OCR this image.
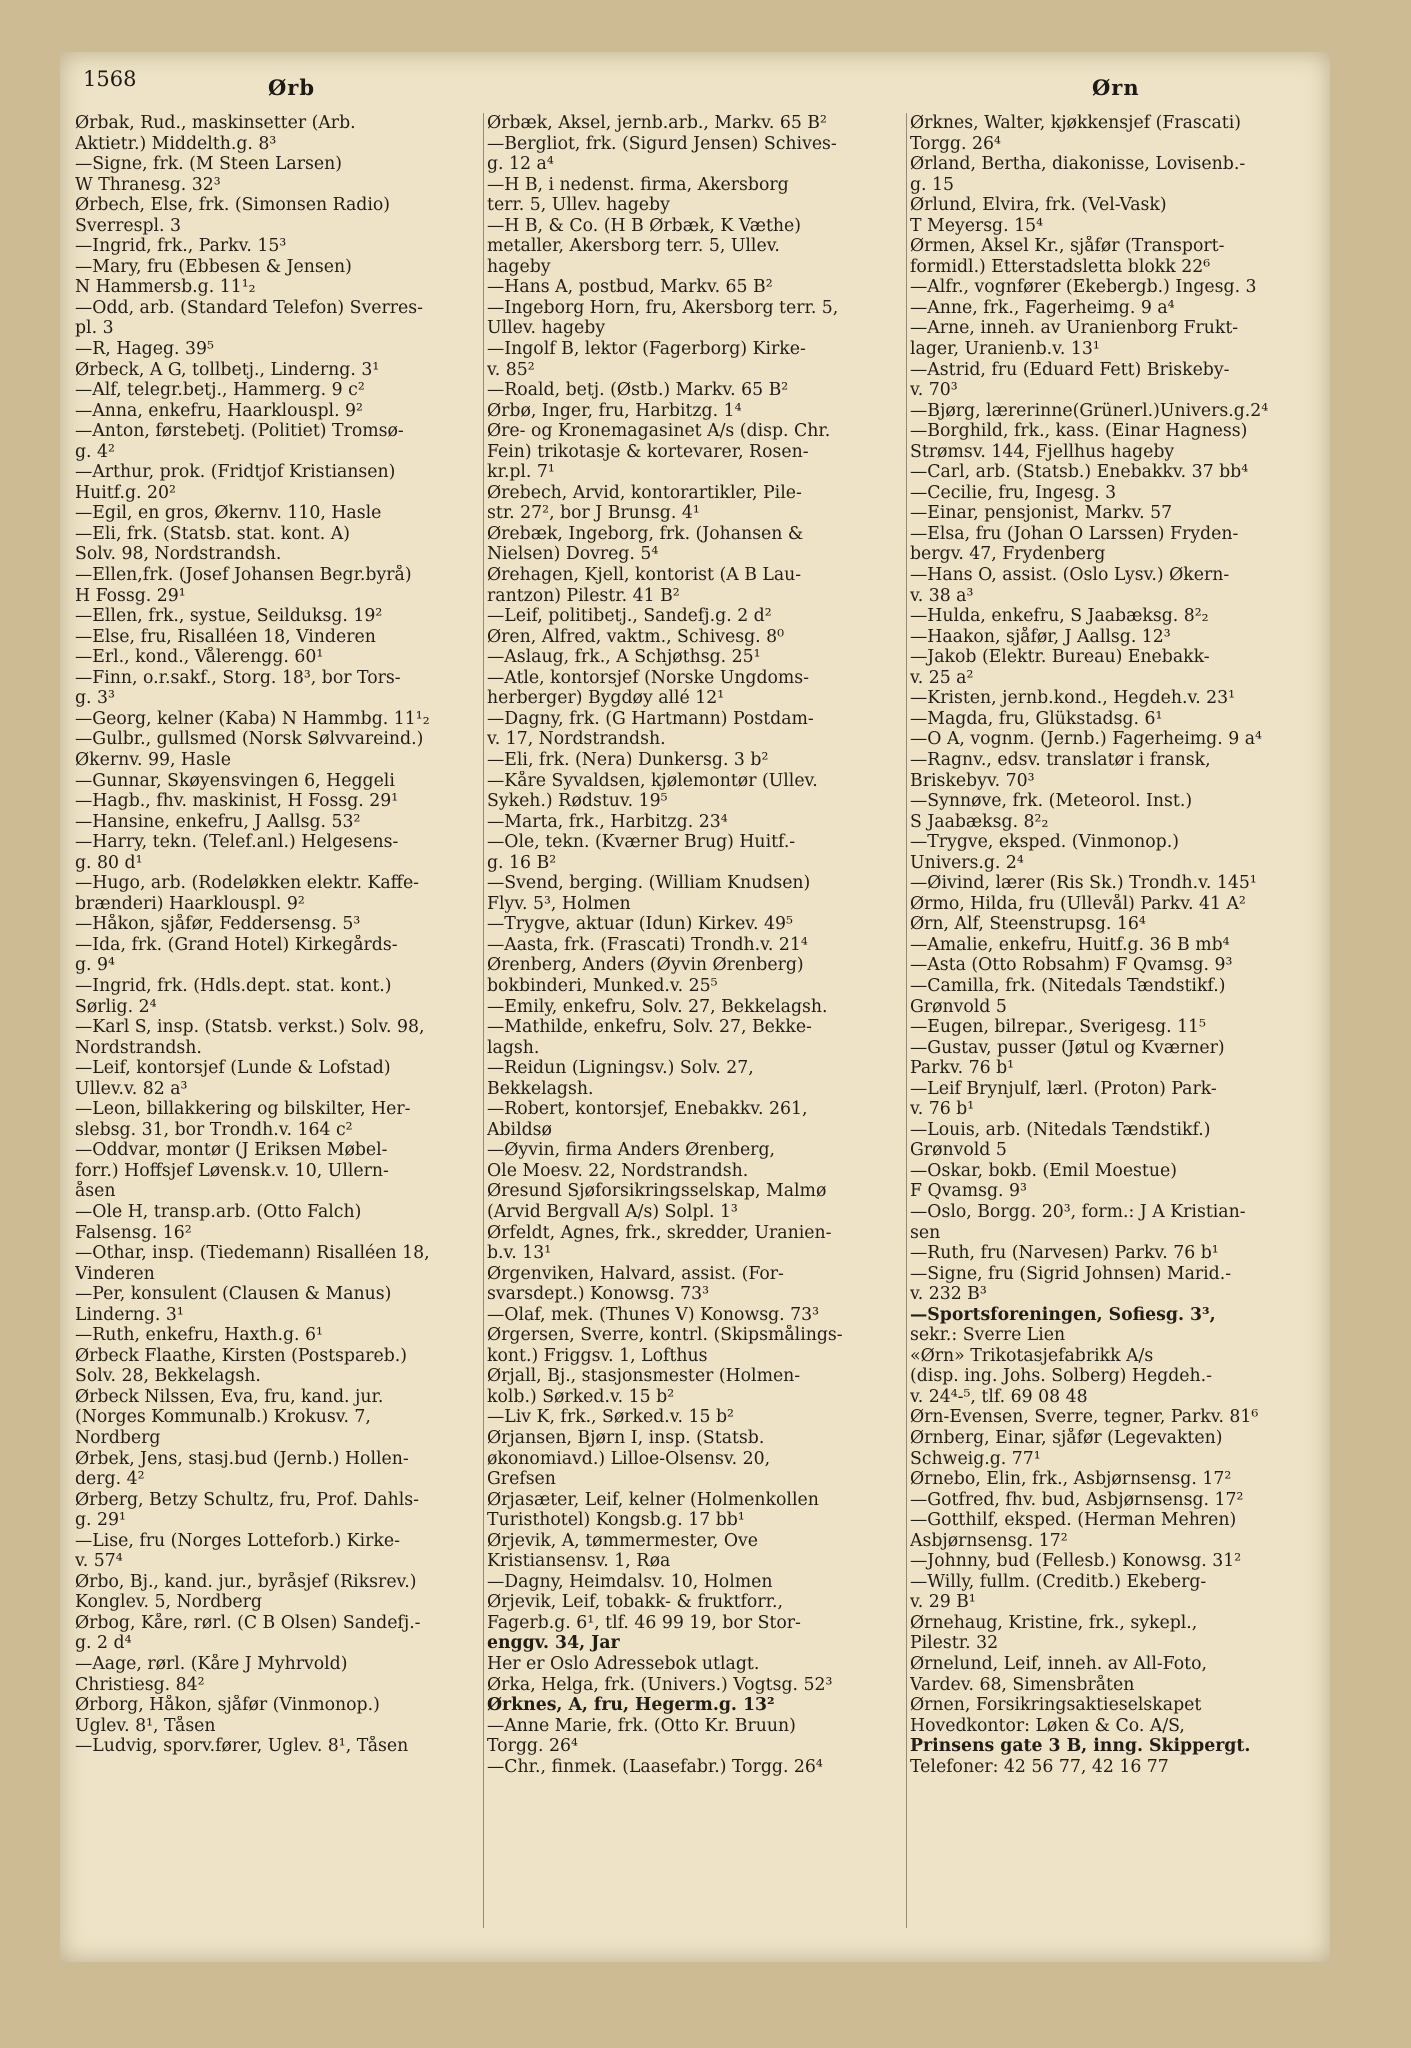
1568	Ørb	Ørn
Ørbak, Rud., maskinsetter (Arb.
Aktietr.) Middelth.g. 8³
—Signe, frk. (M Steen Larsen)
W Thranesg. 32³
Ørbech, Else, frk. (Simonsen Radio)
Sverrespl. 3
—Ingrid, frk., Parkv. 15³
—Mary, fru (Ebbesen & Jensen)
N Hammersb.g. 11¹₂
—Odd, arb. (Standard Telefon) Sverres-
pl. 3
—R, Hageg. 39⁵
Ørbeck, A G, tollbetj., Linderng. 3¹
—Alf, telegr.betj., Hammerg. 9 c²
—Anna, enkefru, Haarklouspl. 9²
—Anton, førstebetj. (Politiet) Tromsø-
g. 4²
—Arthur, prok. (Fridtjof Kristiansen)
Huitf.g. 20²
—Egil, en gros, Økernv. 110, Hasle
—Eli, frk. (Statsb. stat. kont. A)
Solv. 98, Nordstrandsh.
—Ellen,frk. (Josef Johansen Begr.byrå)
H Fossg. 29¹
—Ellen, frk., systue, Seilduksg. 19²
—Else, fru, Risalléen 18, Vinderen
—Erl., kond., Vålerengg. 60¹
—Finn, o.r.sakf., Storg. 18³, bor Tors-
g. 3³
—Georg, kelner (Kaba) N Hammbg. 11¹₂
—Gulbr., gullsmed (Norsk Sølvvareind.)
Økernv. 99, Hasle
—Gunnar, Skøyensvingen 6, Heggeli
—Hagb., fhv. maskinist, H Fossg. 29¹
—Hansine, enkefru, J Aallsg. 53²
—Harry, tekn. (Telef.anl.) Helgesens-
g. 80 d¹
—Hugo, arb. (Rodeløkken elektr. Kaffe-
brænderi) Haarklouspl. 9²
—Håkon, sjåfør, Feddersensg. 5³
—Ida, frk. (Grand Hotel) Kirkegårds-
g. 9⁴
—Ingrid, frk. (Hdls.dept. stat. kont.)
Sørlig. 2⁴
—Karl S, insp. (Statsb. verkst.) Solv. 98,
Nordstrandsh.
—Leif, kontorsjef (Lunde & Lofstad)
Ullev.v. 82 a³
—Leon, billakkering og bilskilter, Her-
slebsg. 31, bor Trondh.v. 164 c²
—Oddvar, montør (J Eriksen Møbel-
forr.) Hoffsjef Løvensk.v. 10, Ullern-
åsen
—Ole H, transp.arb. (Otto Falch)
Falsensg. 16²
—Othar, insp. (Tiedemann) Risalléen 18,
Vinderen
—Per, konsulent (Clausen & Manus)
Linderng. 3¹
—Ruth, enkefru, Haxth.g. 6¹
Ørbeck Flaathe, Kirsten (Postspareb.)
Solv. 28, Bekkelagsh.
Ørbeck Nilssen, Eva, fru, kand. jur.
(Norges Kommunalb.) Krokusv. 7,
Nordberg
Ørbek, Jens, stasj.bud (Jernb.) Hollen-
derg. 4²
Ørberg, Betzy Schultz, fru, Prof. Dahls-
g. 29¹
—Lise, fru (Norges Lotteforb.) Kirke-
v. 57⁴
Ørbo, Bj., kand. jur., byråsjef (Riksrev.)
Konglev. 5, Nordberg
Ørbog, Kåre, rørl. (C B Olsen) Sandefj.-
g. 2 d⁴
—Aage, rørl. (Kåre J Myhrvold)
Christiesg. 84²
Ørborg, Håkon, sjåfør (Vinmonop.)
Uglev. 8¹, Tåsen
—Ludvig, sporv.fører, Uglev. 8¹, Tåsen
Ørbæk, Aksel, jernb.arb., Markv. 65 B²
—Bergliot, frk. (Sigurd Jensen) Schives-
g. 12 a⁴
—H B, i nedenst. firma, Akersborg
terr. 5, Ullev. hageby
—H B, & Co. (H B Ørbæk, K Væthe)
metaller, Akersborg terr. 5, Ullev.
hageby
—Hans A, postbud, Markv. 65 B²
—Ingeborg Horn, fru, Akersborg terr. 5,
Ullev. hageby
—Ingolf B, lektor (Fagerborg) Kirke-
v. 85²
—Roald, betj. (Østb.) Markv. 65 B²
Ørbø, Inger, fru, Harbitzg. 1⁴
Øre- og Kronemagasinet A/s (disp. Chr.
Fein) trikotasje & kortevarer, Rosen-
kr.pl. 7¹
Ørebech, Arvid, kontorartikler, Pile-
str. 27², bor J Brunsg. 4¹
Ørebæk, Ingeborg, frk. (Johansen &
Nielsen) Dovreg. 5⁴
Ørehagen, Kjell, kontorist (A B Lau-
rantzon) Pilestr. 41 B²
—Leif, politibetj., Sandefj.g. 2 d²
Øren, Alfred, vaktm., Schivesg. 8⁰
—Aslaug, frk., A Schjøthsg. 25¹
—Atle, kontorsjef (Norske Ungdoms-
herberger) Bygdøy allé 12¹
—Dagny, frk. (G Hartmann) Postdam-
v. 17, Nordstrandsh.
—Eli, frk. (Nera) Dunkersg. 3 b²
—Kåre Syvaldsen, kjølemontør (Ullev.
Sykeh.) Rødstuv. 19⁵
—Marta, frk., Harbitzg. 23⁴
—Ole, tekn. (Kværner Brug) Huitf.-
g. 16 B²
—Svend, berging. (William Knudsen)
Flyv. 5³, Holmen
—Trygve, aktuar (Idun) Kirkev. 49⁵
—Aasta, frk. (Frascati) Trondh.v. 21⁴
Ørenberg, Anders (Øyvin Ørenberg)
bokbinderi, Munked.v. 25⁵
—Emily, enkefru, Solv. 27, Bekkelagsh.
—Mathilde, enkefru, Solv. 27, Bekke-
lagsh.
—Reidun (Ligningsv.) Solv. 27,
Bekkelagsh.
—Robert, kontorsjef, Enebakkv. 261,
Abildsø
—Øyvin, firma Anders Ørenberg,
Ole Moesv. 22, Nordstrandsh.
Øresund Sjøforsikringsselskap, Malmø
(Arvid Bergvall A/s) Solpl. 1³
Ørfeldt, Agnes, frk., skredder, Uranien-
b.v. 13¹
Ørgenviken, Halvard, assist. (For-
svarsdept.) Konowsg. 73³
—Olaf, mek. (Thunes V) Konowsg. 73³
Ørgersen, Sverre, kontrl. (Skipsmålings-
kont.) Friggsv. 1, Lofthus
Ørjall, Bj., stasjonsmester (Holmen-
kolb.) Sørked.v. 15 b²
—Liv K, frk., Sørked.v. 15 b²
Ørjansen, Bjørn I, insp. (Statsb.
økonomiavd.) Lilloe-Olsensv. 20,
Grefsen
Ørjasæter, Leif, kelner (Holmenkollen
Turisthotel) Kongsb.g. 17 bb¹
Ørjevik, A, tømmermester, Ove
Kristiansensv. 1, Røa
—Dagny, Heimdalsv. 10, Holmen
Ørjevik, Leif, tobakk- & fruktforr.,
Fagerb.g. 6¹, tlf. 46 99 19, bor Stor-
enggv. 34, Jar
Her er Oslo Adressebok utlagt.
Ørka, Helga, frk. (Univers.) Vogtsg. 52³
Ørknes, A, fru, Hegerm.g. 13²
—Anne Marie, frk. (Otto Kr. Bruun)
Torgg. 26⁴
—Chr., finmek. (Laasefabr.) Torgg. 26⁴
Ørknes, Walter, kjøkkensjef (Frascati)
Torgg. 26⁴
Ørland, Bertha, diakonisse, Lovisenb.-
g. 15
Ørlund, Elvira, frk. (Vel-Vask)
T Meyersg. 15⁴
Ørmen, Aksel Kr., sjåfør (Transport-
formidl.) Etterstadsletta blokk 22⁶
—Alfr., vognfører (Ekebergb.) Ingesg. 3
—Anne, frk., Fagerheimg. 9 a⁴
—Arne, inneh. av Uranienborg Frukt-
lager, Uranienb.v. 13¹
—Astrid, fru (Eduard Fett) Briskeby-
v. 70³
—Bjørg, lærerinne(Grünerl.)Univers.g.2⁴
—Borghild, frk., kass. (Einar Hagness)
Strømsv. 144, Fjellhus hageby
—Carl, arb. (Statsb.) Enebakkv. 37 bb⁴
—Cecilie, fru, Ingesg. 3
—Einar, pensjonist, Markv. 57
—Elsa, fru (Johan O Larssen) Fryden-
bergv. 47, Frydenberg
—Hans O, assist. (Oslo Lysv.) Økern-
v. 38 a³
—Hulda, enkefru, S Jaabæksg. 8²₂
—Haakon, sjåfør, J Aallsg. 12³
—Jakob (Elektr. Bureau) Enebakk-
v. 25 a²
—Kristen, jernb.kond., Hegdeh.v. 23¹
—Magda, fru, Glükstadsg. 6¹
—O A, vognm. (Jernb.) Fagerheimg. 9 a⁴
—Ragnv., edsv. translatør i fransk,
Briskebyv. 70³
—Synnøve, frk. (Meteorol. Inst.)
S Jaabæksg. 8²₂
—Trygve, eksped. (Vinmonop.)
Univers.g. 2⁴
—Øivind, lærer (Ris Sk.) Trondh.v. 145¹
Ørmo, Hilda, fru (Ullevål) Parkv. 41 A²
Ørn, Alf, Steenstrupsg. 16⁴
—Amalie, enkefru, Huitf.g. 36 B mb⁴
—Asta (Otto Robsahm) F Qvamsg. 9³
—Camilla, frk. (Nitedals Tændstikf.)
Grønvold 5
—Eugen, bilrepar., Sverigesg. 11⁵
—Gustav, pusser (Jøtul og Kværner)
Parkv. 76 b¹
—Leif Brynjulf, lærl. (Proton) Park-
v. 76 b¹
—Louis, arb. (Nitedals Tændstikf.)
Grønvold 5
—Oskar, bokb. (Emil Moestue)
F Qvamsg. 9³
—Oslo, Borgg. 20³, form.: J A Kristian-
sen
—Ruth, fru (Narvesen) Parkv. 76 b¹
—Signe, fru (Sigrid Johnsen) Marid.-
v. 232 B³
—Sportsforeningen, Sofiesg. 3³,
sekr.: Sverre Lien
«Ørn» Trikotasjefabrikk A/s
(disp. ing. Johs. Solberg) Hegdeh.-
v. 24⁴-⁵, tlf. 69 08 48
Ørn-Evensen, Sverre, tegner, Parkv. 81⁶
Ørnberg, Einar, sjåfør (Legevakten)
Schweig.g. 77¹
Ørnebo, Elin, frk., Asbjørnsensg. 17²
—Gotfred, fhv. bud, Asbjørnsensg. 17²
—Gotthilf, eksped. (Herman Mehren)
Asbjørnsensg. 17²
—Johnny, bud (Fellesb.) Konowsg. 31²
—Willy, fullm. (Creditb.) Ekeberg-
v. 29 B¹
Ørnehaug, Kristine, frk., sykepl.,
Pilestr. 32
Ørnelund, Leif, inneh. av All-Foto,
Vardev. 68, Simensbråten
Ørnen, Forsikringsaktieselskapet
Hovedkontor: Løken & Co. A/S,
Prinsens gate 3 B, inng. Skippergt.
Telefoner: 42 56 77, 42 16 77
